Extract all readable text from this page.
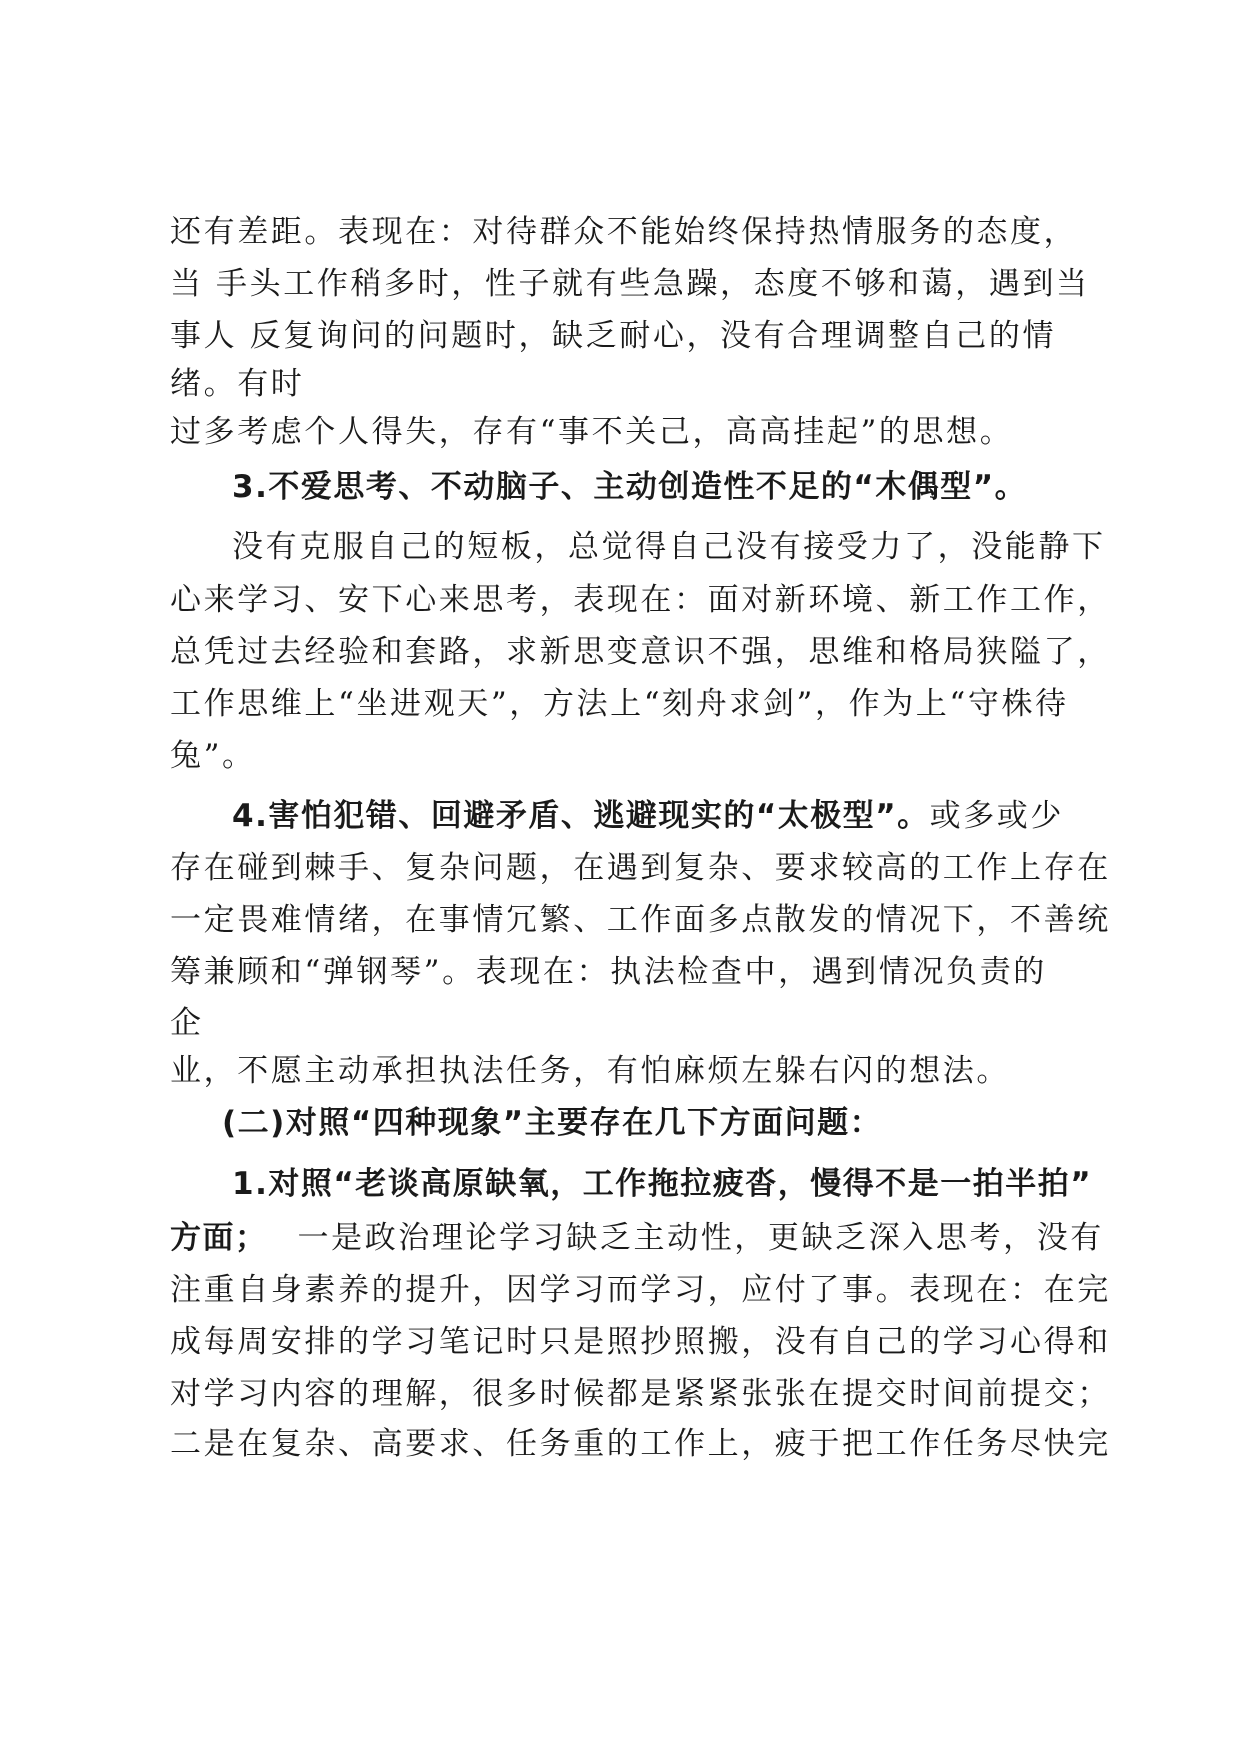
还有差距。表现在：对待群众不能始终保持热情服务的态度，
当 手头工作稍多时，性子就有些急躁，态度不够和蔼，遇到当
事人 反复询问的问题时，缺乏耐心，没有合理调整自己的情
绪。有时
过多考虑个人得失，存有“事不关己，高高挂起”的思想。
3.不爱思考、不动脑子、主动创造性不足的“木偶型”。
没有克服自己的短板，总觉得自己没有接受力了，没能静下
心来学习、安下心来思考，表现在：面对新环境、新工作工作，
总凭过去经验和套路，求新思变意识不强，思维和格局狭隘了，
工作思维上“坐进观天”，方法上“刻舟求剑”，作为上“守株待
兔”。
4.害怕犯错、回避矛盾、逃避现实的“太极型”。或多或少
存在碰到棘手、复杂问题，在遇到复杂、要求较高的工作上存在
一定畏难情绪，在事情冗繁、工作面多点散发的情况下，不善统
筹兼顾和“弹钢琴”。表现在：执法检查中，遇到情况负责的
企
业，不愿主动承担执法任务，有怕麻烦左躲右闪的想法。
(二)对照“四种现象”主要存在几下方面问题：
1.对照“老谈高原缺氧，工作拖拉疲沓，慢得不是一拍半拍”
方面； 一是政治理论学习缺乏主动性，更缺乏深入思考，没有
注重自身素养的提升，因学习而学习，应付了事。表现在：在完
成每周安排的学习笔记时只是照抄照搬，没有自己的学习心得和
对学习内容的理解，很多时候都是紧紧张张在提交时间前提交；
二是在复杂、高要求、任务重的工作上，疲于把工作任务尽快完
